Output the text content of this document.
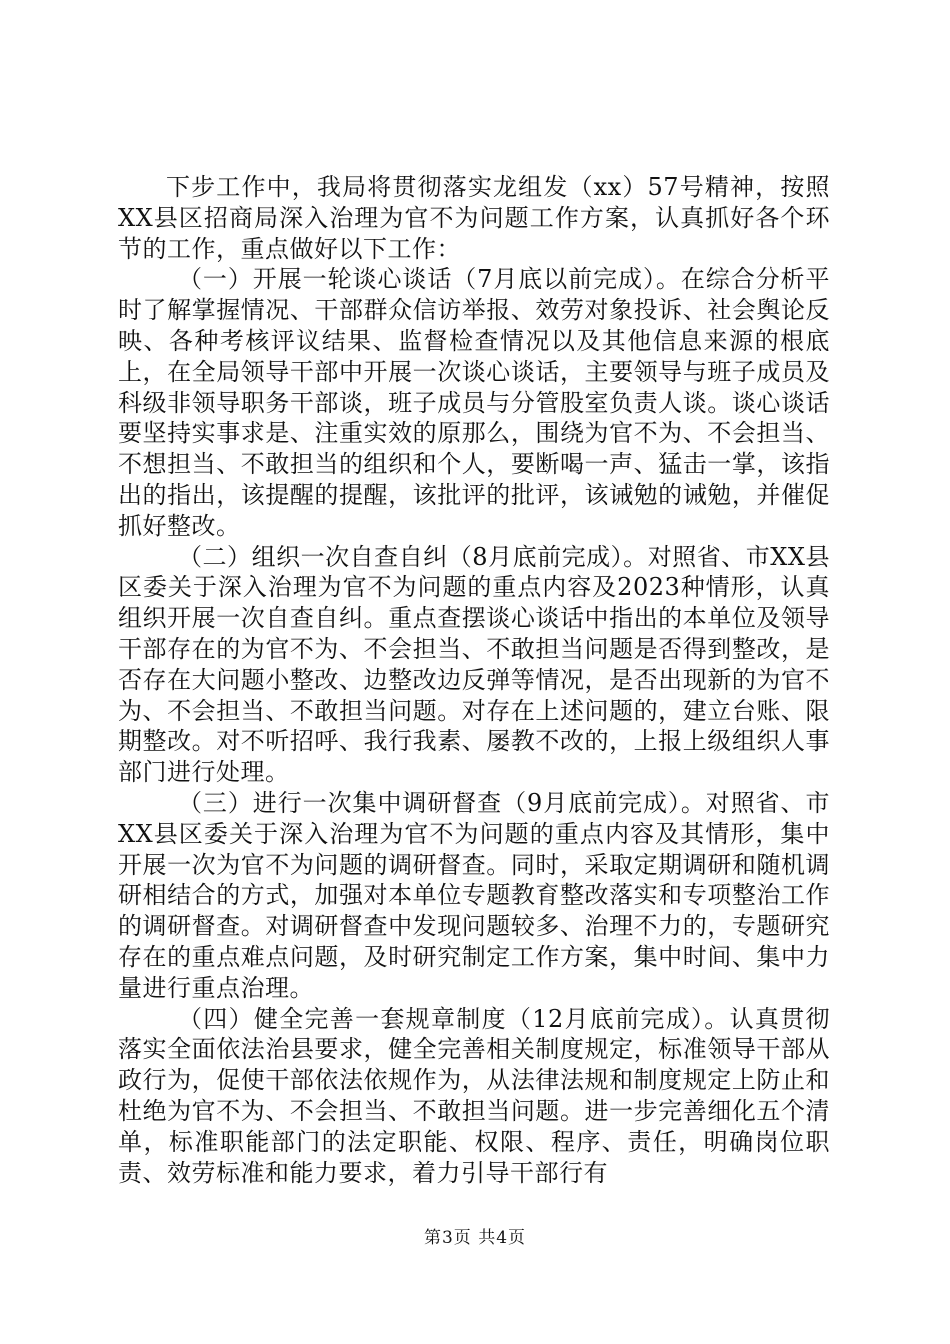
下步工作中，我局将贯彻落实龙组发（xx）57号精神，按照XX县区招商局深入治理为官不为问题工作方案，认真抓好各个环节的工作，重点做好以下工作：

（一）开展一轮谈心谈话（7月底以前完成）。在综合分析平时了解掌握情况、干部群众信访举报、效劳对象投诉、社会舆论反映、各种考核评议结果、监督检查情况以及其他信息来源的根底上，在全局领导干部中开展一次谈心谈话，主要领导与班子成员及科级非领导职务干部谈，班子成员与分管股室负责人谈。谈心谈话要坚持实事求是、注重实效的原那么，围绕为官不为、不会担当、不想担当、不敢担当的组织和个人，要断喝一声、猛击一掌，该指出的指出，该提醒的提醒，该批评的批评，该诫勉的诫勉，并催促抓好整改。

（二）组织一次自查自纠（8月底前完成）。对照省、市XX县区委关于深入治理为官不为问题的重点内容及2023种情形，认真组织开展一次自查自纠。重点查摆谈心谈话中指出的本单位及领导干部存在的为官不为、不会担当、不敢担当问题是否得到整改，是否存在大问题小整改、边整改边反弹等情况，是否出现新的为官不为、不会担当、不敢担当问题。对存在上述问题的，建立台账、限期整改。对不听招呼、我行我素、屡教不改的，上报上级组织人事部门进行处理。

（三）进行一次集中调研督查（9月底前完成）。对照省、市XX县区委关于深入治理为官不为问题的重点内容及其情形，集中开展一次为官不为问题的调研督查。同时，采取定期调研和随机调研相结合的方式，加强对本单位专题教育整改落实和专项整治工作的调研督查。对调研督查中发现问题较多、治理不力的，专题研究存在的重点难点问题，及时研究制定工作方案，集中时间、集中力量进行重点治理。

（四）健全完善一套规章制度（12月底前完成）。认真贯彻落实全面依法治县要求，健全完善相关制度规定，标准领导干部从政行为，促使干部依法依规作为，从法律法规和制度规定上防止和杜绝为官不为、不会担当、不敢担当问题。进一步完善细化五个清单，标准职能部门的法定职能、权限、程序、责任，明确岗位职责、效劳标准和能力要求，着力引导干部行有

第3页 共4页
